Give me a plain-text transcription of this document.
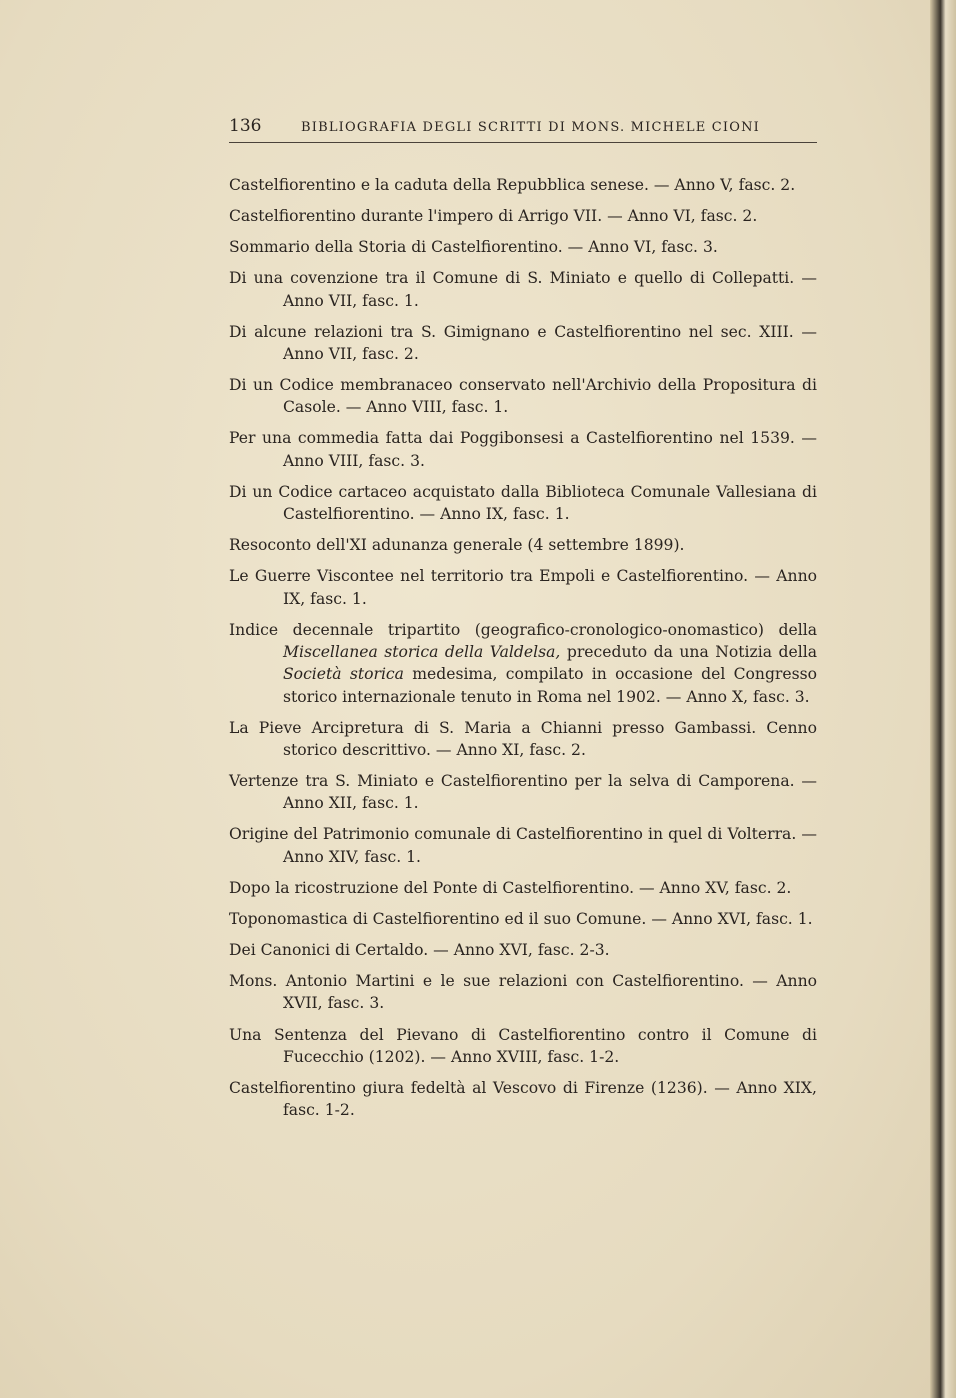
136	BIBLIOGRAFIA DEGLI SCRITTI DI MONS. MICHELE CIONI

Castelfiorentino e la caduta della Repubblica senese. — Anno V, fasc. 2.

Castelfiorentino durante l'impero di Arrigo VII. — Anno VI, fasc. 2.

Sommario della Storia di Castelfiorentino. — Anno VI, fasc. 3.

Di una covenzione tra il Comune di S. Miniato e quello di Collepatti. — Anno VII, fasc. 1.

Di alcune relazioni tra S. Gimignano e Castelfiorentino nel sec. XIII. — Anno VII, fasc. 2.

Di un Codice membranaceo conservato nell'Archivio della Propositura di Casole. — Anno VIII, fasc. 1.

Per una commedia fatta dai Poggibonsesi a Castelfiorentino nel 1539. — Anno VIII, fasc. 3.

Di un Codice cartaceo acquistato dalla Biblioteca Comunale Vallesiana di Castelfiorentino. — Anno IX, fasc. 1.

Resoconto dell'XI adunanza generale (4 settembre 1899).

Le Guerre Viscontee nel territorio tra Empoli e Castelfiorentino. — Anno IX, fasc. 1.

Indice decennale tripartito (geografico-cronologico-onomastico) della Miscellanea storica della Valdelsa, preceduto da una Notizia della Società storica medesima, compilato in occasione del Congresso storico internazionale tenuto in Roma nel 1902. — Anno X, fasc. 3.

La Pieve Arcipretura di S. Maria a Chianni presso Gambassi. Cenno storico descrittivo. — Anno XI, fasc. 2.

Vertenze tra S. Miniato e Castelfiorentino per la selva di Camporena. — Anno XII, fasc. 1.

Origine del Patrimonio comunale di Castelfiorentino in quel di Volterra. — Anno XIV, fasc. 1.

Dopo la ricostruzione del Ponte di Castelfiorentino. — Anno XV, fasc. 2.

Toponomastica di Castelfiorentino ed il suo Comune. — Anno XVI, fasc. 1.

Dei Canonici di Certaldo. — Anno XVI, fasc. 2-3.

Mons. Antonio Martini e le sue relazioni con Castelfiorentino. — Anno XVII, fasc. 3.

Una Sentenza del Pievano di Castelfiorentino contro il Comune di Fucecchio (1202). — Anno XVIII, fasc. 1-2.

Castelfiorentino giura fedeltà al Vescovo di Firenze (1236). — Anno XIX, fasc. 1-2.
